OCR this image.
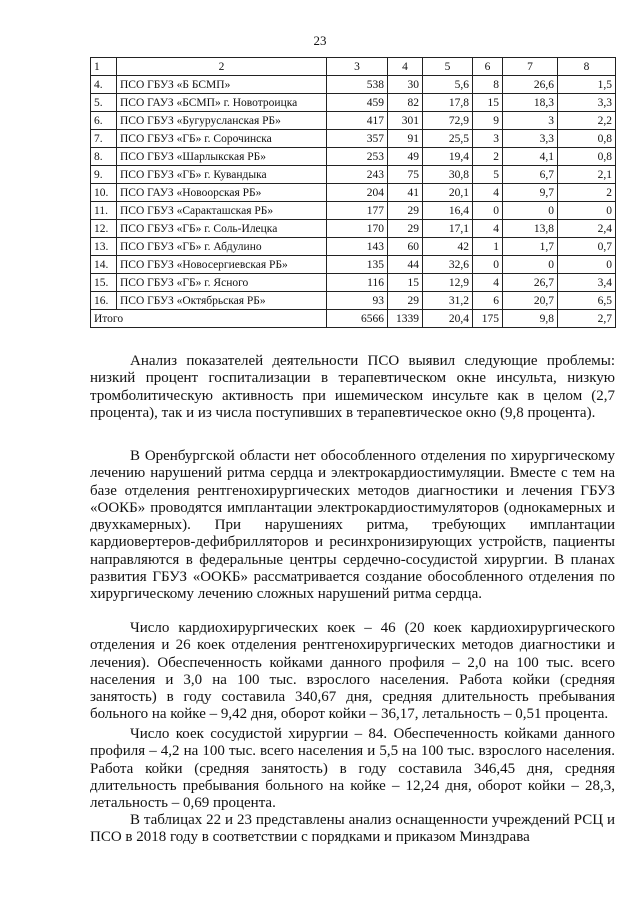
23
1	2	3	4	5	6	7	8
4.	ПСО ГБУЗ «Б БСМП»	538	30	5,6	8	26,6	1,5
5.	ПСО ГАУЗ «БСМП» г. Новотроицка	459	82	17,8	15	18,3	3,3
6.	ПСО ГБУЗ «Бугурусланская РБ»	417	301	72,9	9	3	2,2
7.	ПСО ГБУЗ «ГБ» г. Сорочинска	357	91	25,5	3	3,3	0,8
8.	ПСО ГБУЗ «Шарлыкская РБ»	253	49	19,4	2	4,1	0,8
9.	ПСО ГБУЗ «ГБ» г. Кувандыка	243	75	30,8	5	6,7	2,1
10.	ПСО ГАУЗ «Новоорская РБ»	204	41	20,1	4	9,7	2
11.	ПСО ГБУЗ «Саракташская РБ»	177	29	16,4	0	0	0
12.	ПСО ГБУЗ «ГБ» г. Соль-Илецка	170	29	17,1	4	13,8	2,4
13.	ПСО ГБУЗ «ГБ» г. Абдулино	143	60	42	1	1,7	0,7
14.	ПСО ГБУЗ «Новосергиевская РБ»	135	44	32,6	0	0	0
15.	ПСО ГБУЗ «ГБ» г. Ясного	116	15	12,9	4	26,7	3,4
16.	ПСО ГБУЗ «Октябрьская РБ»	93	29	31,2	6	20,7	6,5
Итого		6566	1339	20,4	175	9,8	2,7

Анализ показателей деятельности ПСО выявил следующие проблемы: низкий процент госпитализации в терапевтическом окне инсульта, низкую тромболитическую активность при ишемическом инсульте как в целом (2,7 процента), так и из числа поступивших в терапевтическое окно (9,8 процента).

В Оренбургской области нет обособленного отделения по хирургическому лечению нарушений ритма сердца и электрокардиостимуляции. Вместе с тем на базе отделения рентгенохирургических методов диагностики и лечения ГБУЗ «ООКБ» проводятся имплантации электрокардиостимуляторов (однокамерных и двухкамерных). При нарушениях ритма, требующих имплантации кардиовертеров-дефибрилляторов и ресинхронизирующих устройств, пациенты направляются в федеральные центры сердечно-сосудистой хирургии. В планах развития ГБУЗ «ООКБ» рассматривается создание обособленного отделения по хирургическому лечению сложных нарушений ритма сердца.

Число кардиохирургических коек – 46 (20 коек кардиохирургического отделения и 26 коек отделения рентгенохирургических методов диагностики и лечения). Обеспеченность койками данного профиля – 2,0 на 100 тыс. всего населения и 3,0 на 100 тыс. взрослого населения. Работа койки (средняя занятость) в году составила 340,67 дня, средняя длительность пребывания больного на койке – 9,42 дня, оборот койки – 36,17, летальность – 0,51 процента.

Число коек сосудистой хирургии – 84. Обеспеченность койками данного профиля – 4,2 на 100 тыс. всего населения и 5,5 на 100 тыс. взрослого населения. Работа койки (средняя занятость) в году составила 346,45 дня, средняя длительность пребывания больного на койке – 12,24 дня, оборот койки – 28,3, летальность – 0,69 процента.

В таблицах 22 и 23 представлены анализ оснащенности учреждений РСЦ и ПСО в 2018 году в соответствии с порядками и приказом Минздрава
